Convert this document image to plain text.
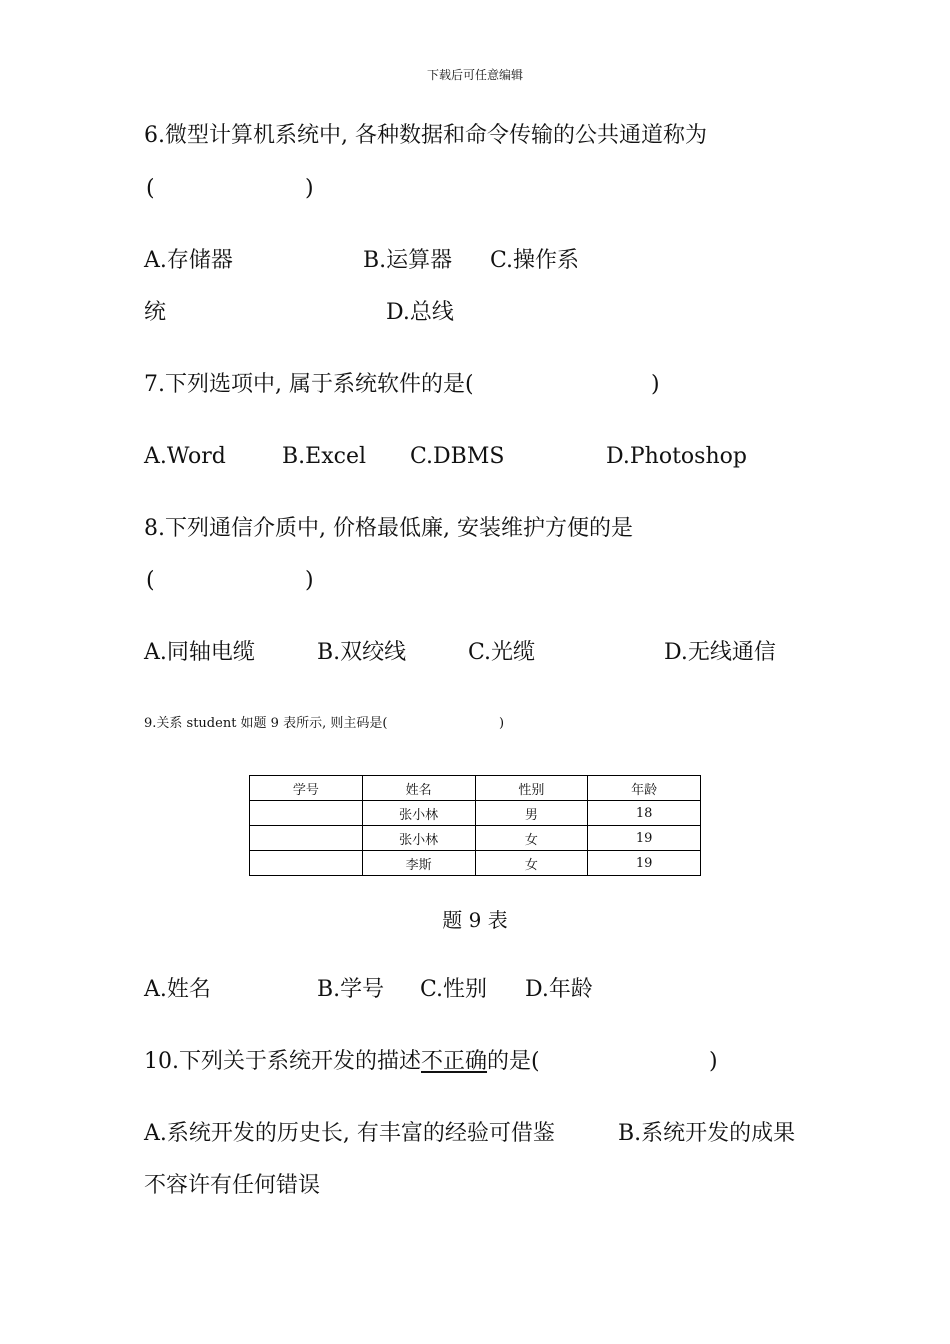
下载后可任意编辑
6.微型计算机系统中, 各种数据和命令传输的公共通道称为
(	)
A.存储器	B.运算器 C.操作系
统	D.总线
7.下列选项中, 属于系统软件的是(	)
A.Word	B.Excel C.DBMS	D.Photoshop
8.下列通信介质中, 价格最低廉, 安装维护方便的是
(	)
A.同轴电缆	B.双绞线	C.光缆	D.无线通信
9.关系 student 如题 9 表所示, 则主码是(	)
学号	姓名	性别	年龄
	张小林	男	18
	张小林	女	19
	李斯	女	19
题 9 表
A.姓名	B.学号 C.性别 D.年龄
10.下列关于系统开发的描述不正确的是(	)
A.系统开发的历史长, 有丰富的经验可借鉴	B.系统开发的成果
不容许有任何错误
